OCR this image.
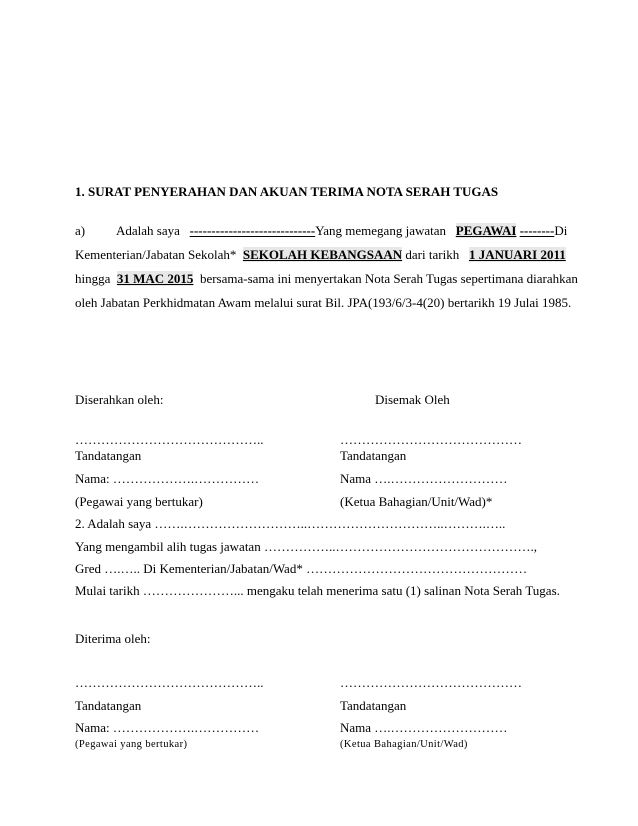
1. SURAT PENYERAHAN DAN AKUAN TERIMA NOTA SERAH TUGAS
a) Adalah saya -----------------------------Yang memegang jawatan PEGAWAI --------Di
Kementerian/Jabatan Sekolah* SEKOLAH KEBANGSAAN dari tarikh 1 JANUARI 2011
hingga 31 MAC 2015 bersama-sama ini menyertakan Nota Serah Tugas sepertimana diarahkan
oleh Jabatan Perkhidmatan Awam melalui surat Bil. JPA(193/6/3-4(20) bertarikh 19 Julai 1985.
Diserahkan oleh:	Disemak Oleh
……………………………………..	……………………………………
Tandatangan	Tandatangan
Nama: ……………….……………	Nama ….………………………
(Pegawai yang bertukar)	(Ketua Bahagian/Unit/Wad)*
2. Adalah saya …….………………………..…………………………..……….…..
Yang mengambil alih tugas jawatan ……………..……………………………………….,
Gred ….….. Di Kementerian/Jabatan/Wad* ……………………………………………
Mulai tarikh …………………... mengaku telah menerima satu (1) salinan Nota Serah Tugas.
Diterima oleh:
……………………………………..	……………………………………
Tandatangan	Tandatangan
Nama: ……………….……………	Nama ….………………………
(Pegawai yang bertukar)	(Ketua Bahagian/Unit/Wad)
